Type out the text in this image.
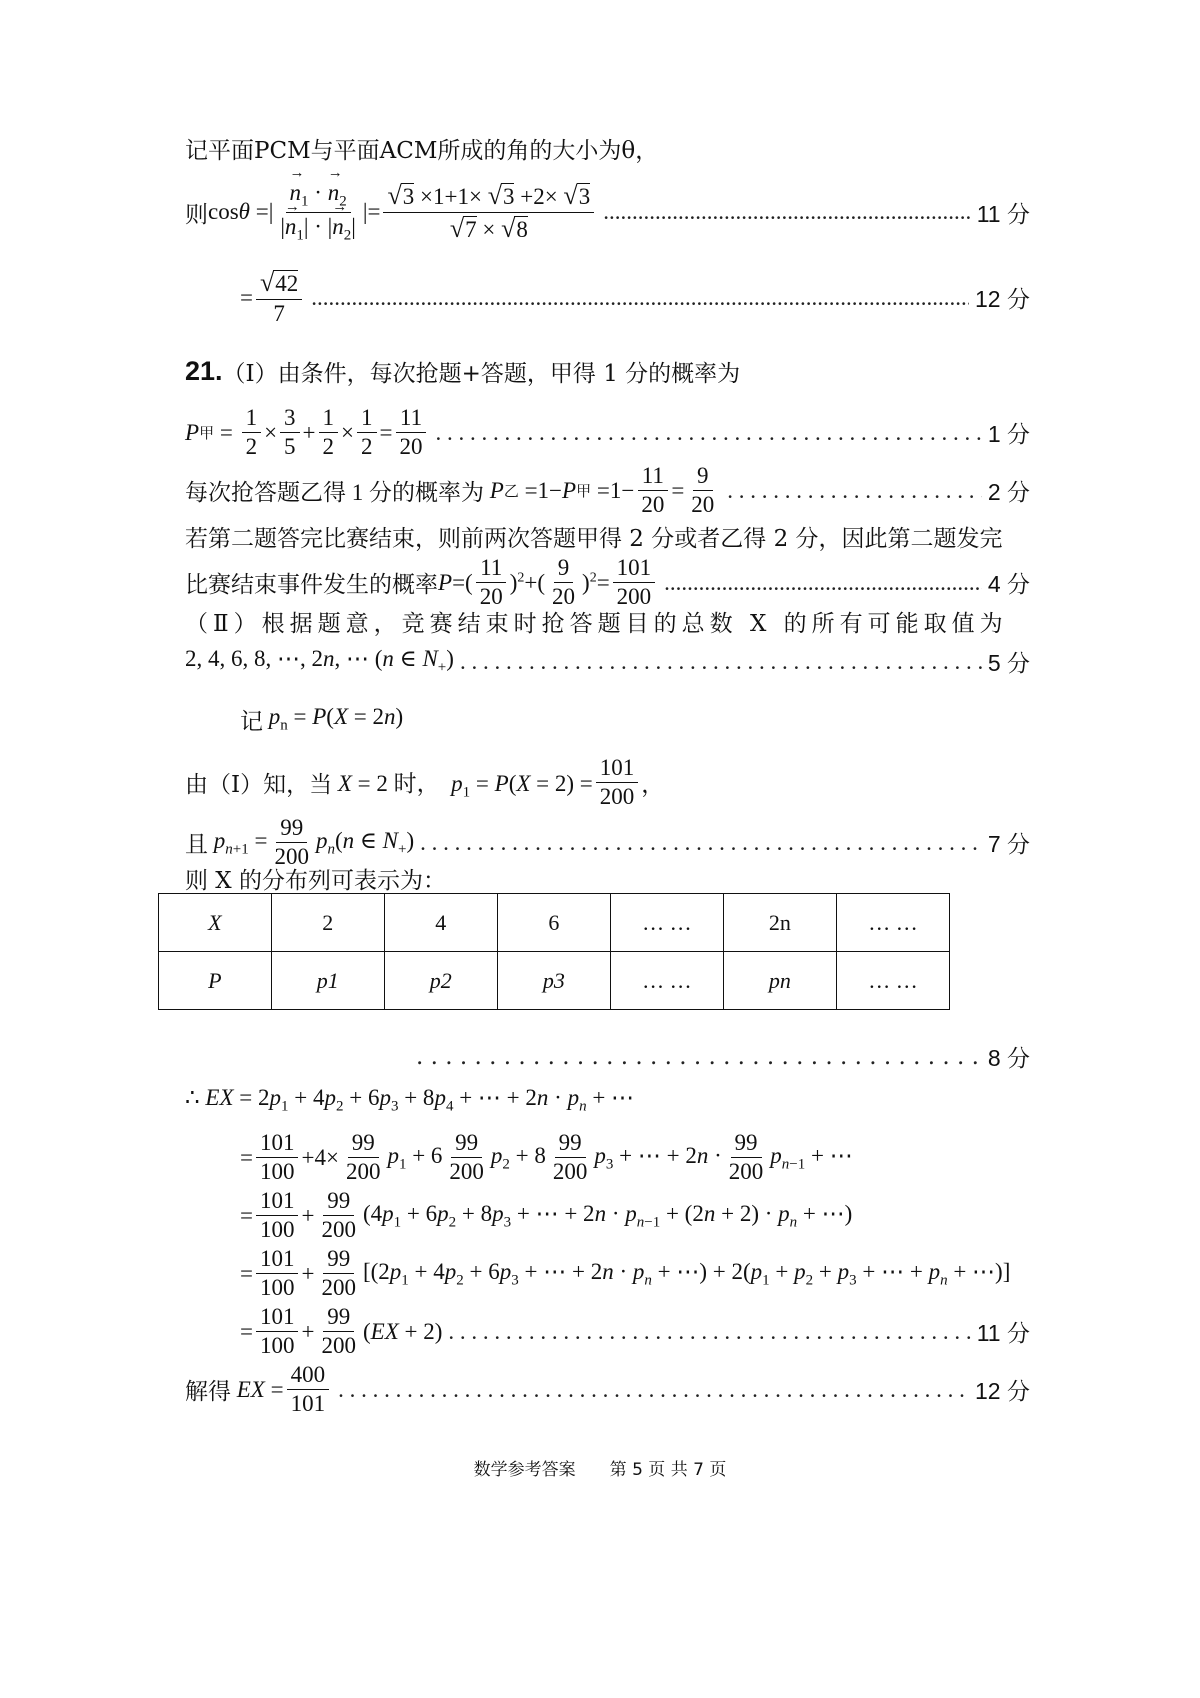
记平面PCM与平面ACM所成的角的大小为θ，
则 cos θ =| → $\frac{n_1 \cdot \to n_2}{|\to n_1| \cdot |\to n_2|}$ |= $\frac{√3 \times 1+1\times √3 +2\times √3}{√7 \times √8}$ .....	11 分
= $\frac{√42}{7}$ .....	12 分
21. （Ⅰ）由条件，每次抢题+答题，甲得 1 分的概率为
P 甲 = $\frac{1}{2} \times \frac{3}{5} + \frac{1}{2} \times \frac{1}{2} = \frac{11}{20}$ . . .	1 分
每次抢答题乙得 1 分的概率为 P 乙 =1− P 甲 $=1- \frac{11}{20} = \frac{9}{20}$ . . .	2 分
若第二题答完比赛结束，则前两次答题甲得 2 分或者乙得 2 分，因此第二题发完
比赛结束事件发生的概率 P =( $\frac{11}{20} )^2+( \frac{9}{20} )^2= \frac{101}{200}$ .....	4 分
（Ⅱ）根据题意，竞赛结束时抢答题目的总数 X 的所有可能取值为
2, 4, 6, 8, ⋯, 2n, ⋯ (n ∈ $N_+$) . . .	5 分
记 $p_n = P(X = 2n)$
由（Ⅰ）知，当 X = 2 时，  $p_1 = P(X = 2) = \frac{101}{200}$ ，
且 $p_{n+1} = \frac{99}{200} p_n(n$ ∈ $N_+$) . . .	7 分
则 X 的分布列可表示为：
X	2	4	6	… …	2n	… …
P	p1	p2	p3	… …	pn	… …
. . .
8 分
∴ EX = $2p_1 + 4p_2 + 6p_3 + 8p_4$ + ⋯ + $2n \cdot p_n$ + ⋯
= $\frac{101}{100} +4\times \frac{99}{200} p_1 + 6 \frac{99}{200} p_2 + 8 \frac{99}{200} p_3$ + ⋯ + $2n \cdot \frac{99}{200} p_{n-1}$ + ⋯
= $\frac{101}{100} + \frac{99}{200} (4p_1 + 6p_2 + 8p_3$ + ⋯ + $2n \cdot p_{n-1} + (2n + 2) \cdot p_n$ + ⋯)
= $\frac{101}{100} + \frac{99}{200} [(2p_1 + 4p_2 + 6p_3$ + ⋯ + $2n \cdot p_n$ + ⋯) + $2(p_1 + p_2 + p_3$ + ⋯ + $p_n$ + ⋯)]
= $\frac{101}{100} + \frac{99}{200} (EX + 2)$ . . .	11 分
解得 EX = $\frac{400}{101}$ . . .	12 分
数学参考答案　　第 5 页 共 7 页
